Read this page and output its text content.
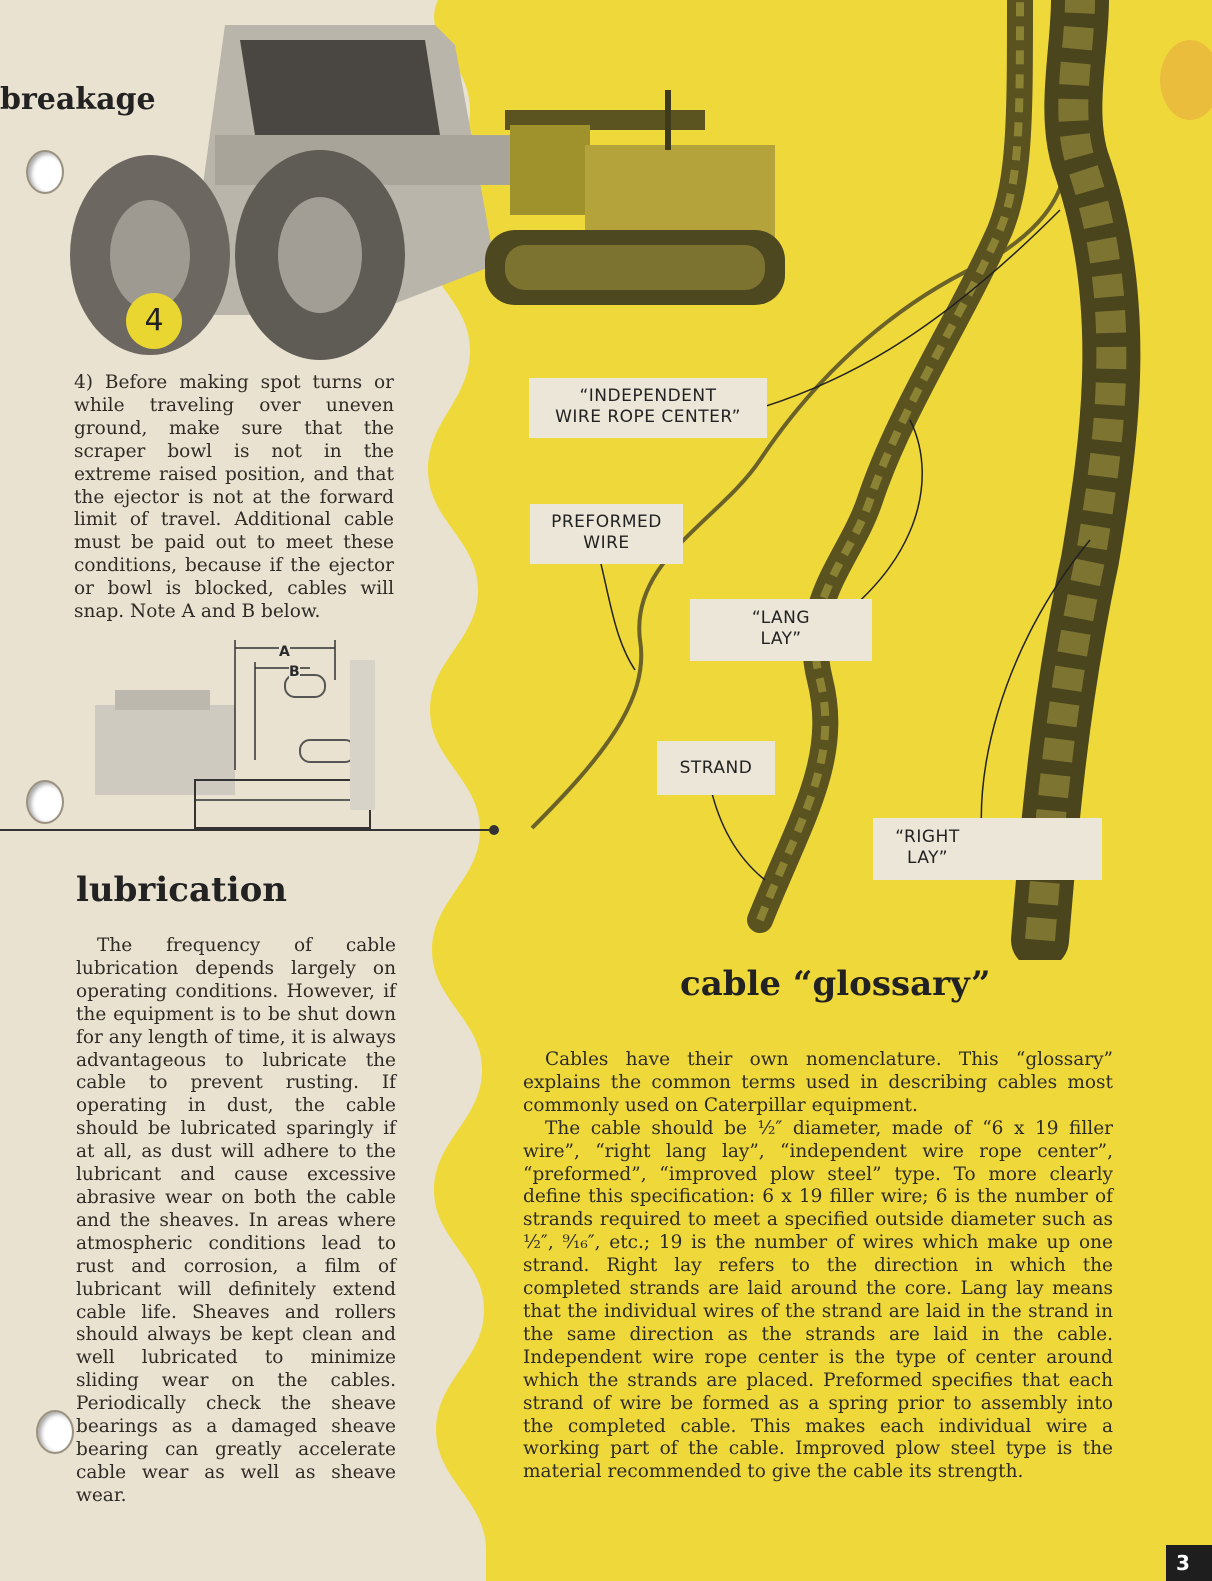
breakage
4
4) Before making spot turns or while traveling over uneven ground, make sure that the scraper bowl is not in the extreme raised position, and that the ejector is not at the forward limit of travel. Additional cable must be paid out to meet these conditions, because if the ejector or bowl is blocked, cables will snap. Note A and B below.
A
B
lubrication
The frequency of cable lubrication depends largely on operating conditions. However, if the equipment is to be shut down for any length of time, it is always advantageous to lubricate the cable to prevent rusting. If operating in dust, the cable should be lubricated sparingly if at all, as dust will adhere to the lubricant and cause excessive abrasive wear on both the cable and the sheaves. In areas where atmospheric conditions lead to rust and corrosion, a film of lubricant will definitely extend cable life. Sheaves and rollers should always be kept clean and well lubricated to minimize sliding wear on the cables. Periodically check the sheave bearings as a damaged sheave bearing can greatly accelerate cable wear as well as sheave wear.
“INDEPENDENT
WIRE ROPE CENTER”
PREFORMED
WIRE
“LANG
LAY”
STRAND
“RIGHT
LAY”
cable “glossary”

Cables have their own nomenclature. This “glossary” explains the common terms used in describing cables most commonly used on Caterpillar equipment.

The cable should be ½″ diameter, made of “6 x 19 filler wire”, “right lang lay”, “independent wire rope center”, “preformed”, “improved plow steel” type. To more clearly define this specification: 6 x 19 filler wire; 6 is the number of strands required to meet a specified outside diameter such as ½″, ⁹⁄₁₆″, etc.; 19 is the number of wires which make up one strand. Right lay refers to the direction in which the completed strands are laid around the core. Lang lay means that the individual wires of the strand are laid in the strand in the same direction as the strands are laid in the cable. Independent wire rope center is the type of center around which the strands are placed. Preformed specifies that each strand of wire be formed as a spring prior to assembly into the completed cable. This makes each individual wire a working part of the cable. Improved plow steel type is the material recommended to give the cable its strength.

3
